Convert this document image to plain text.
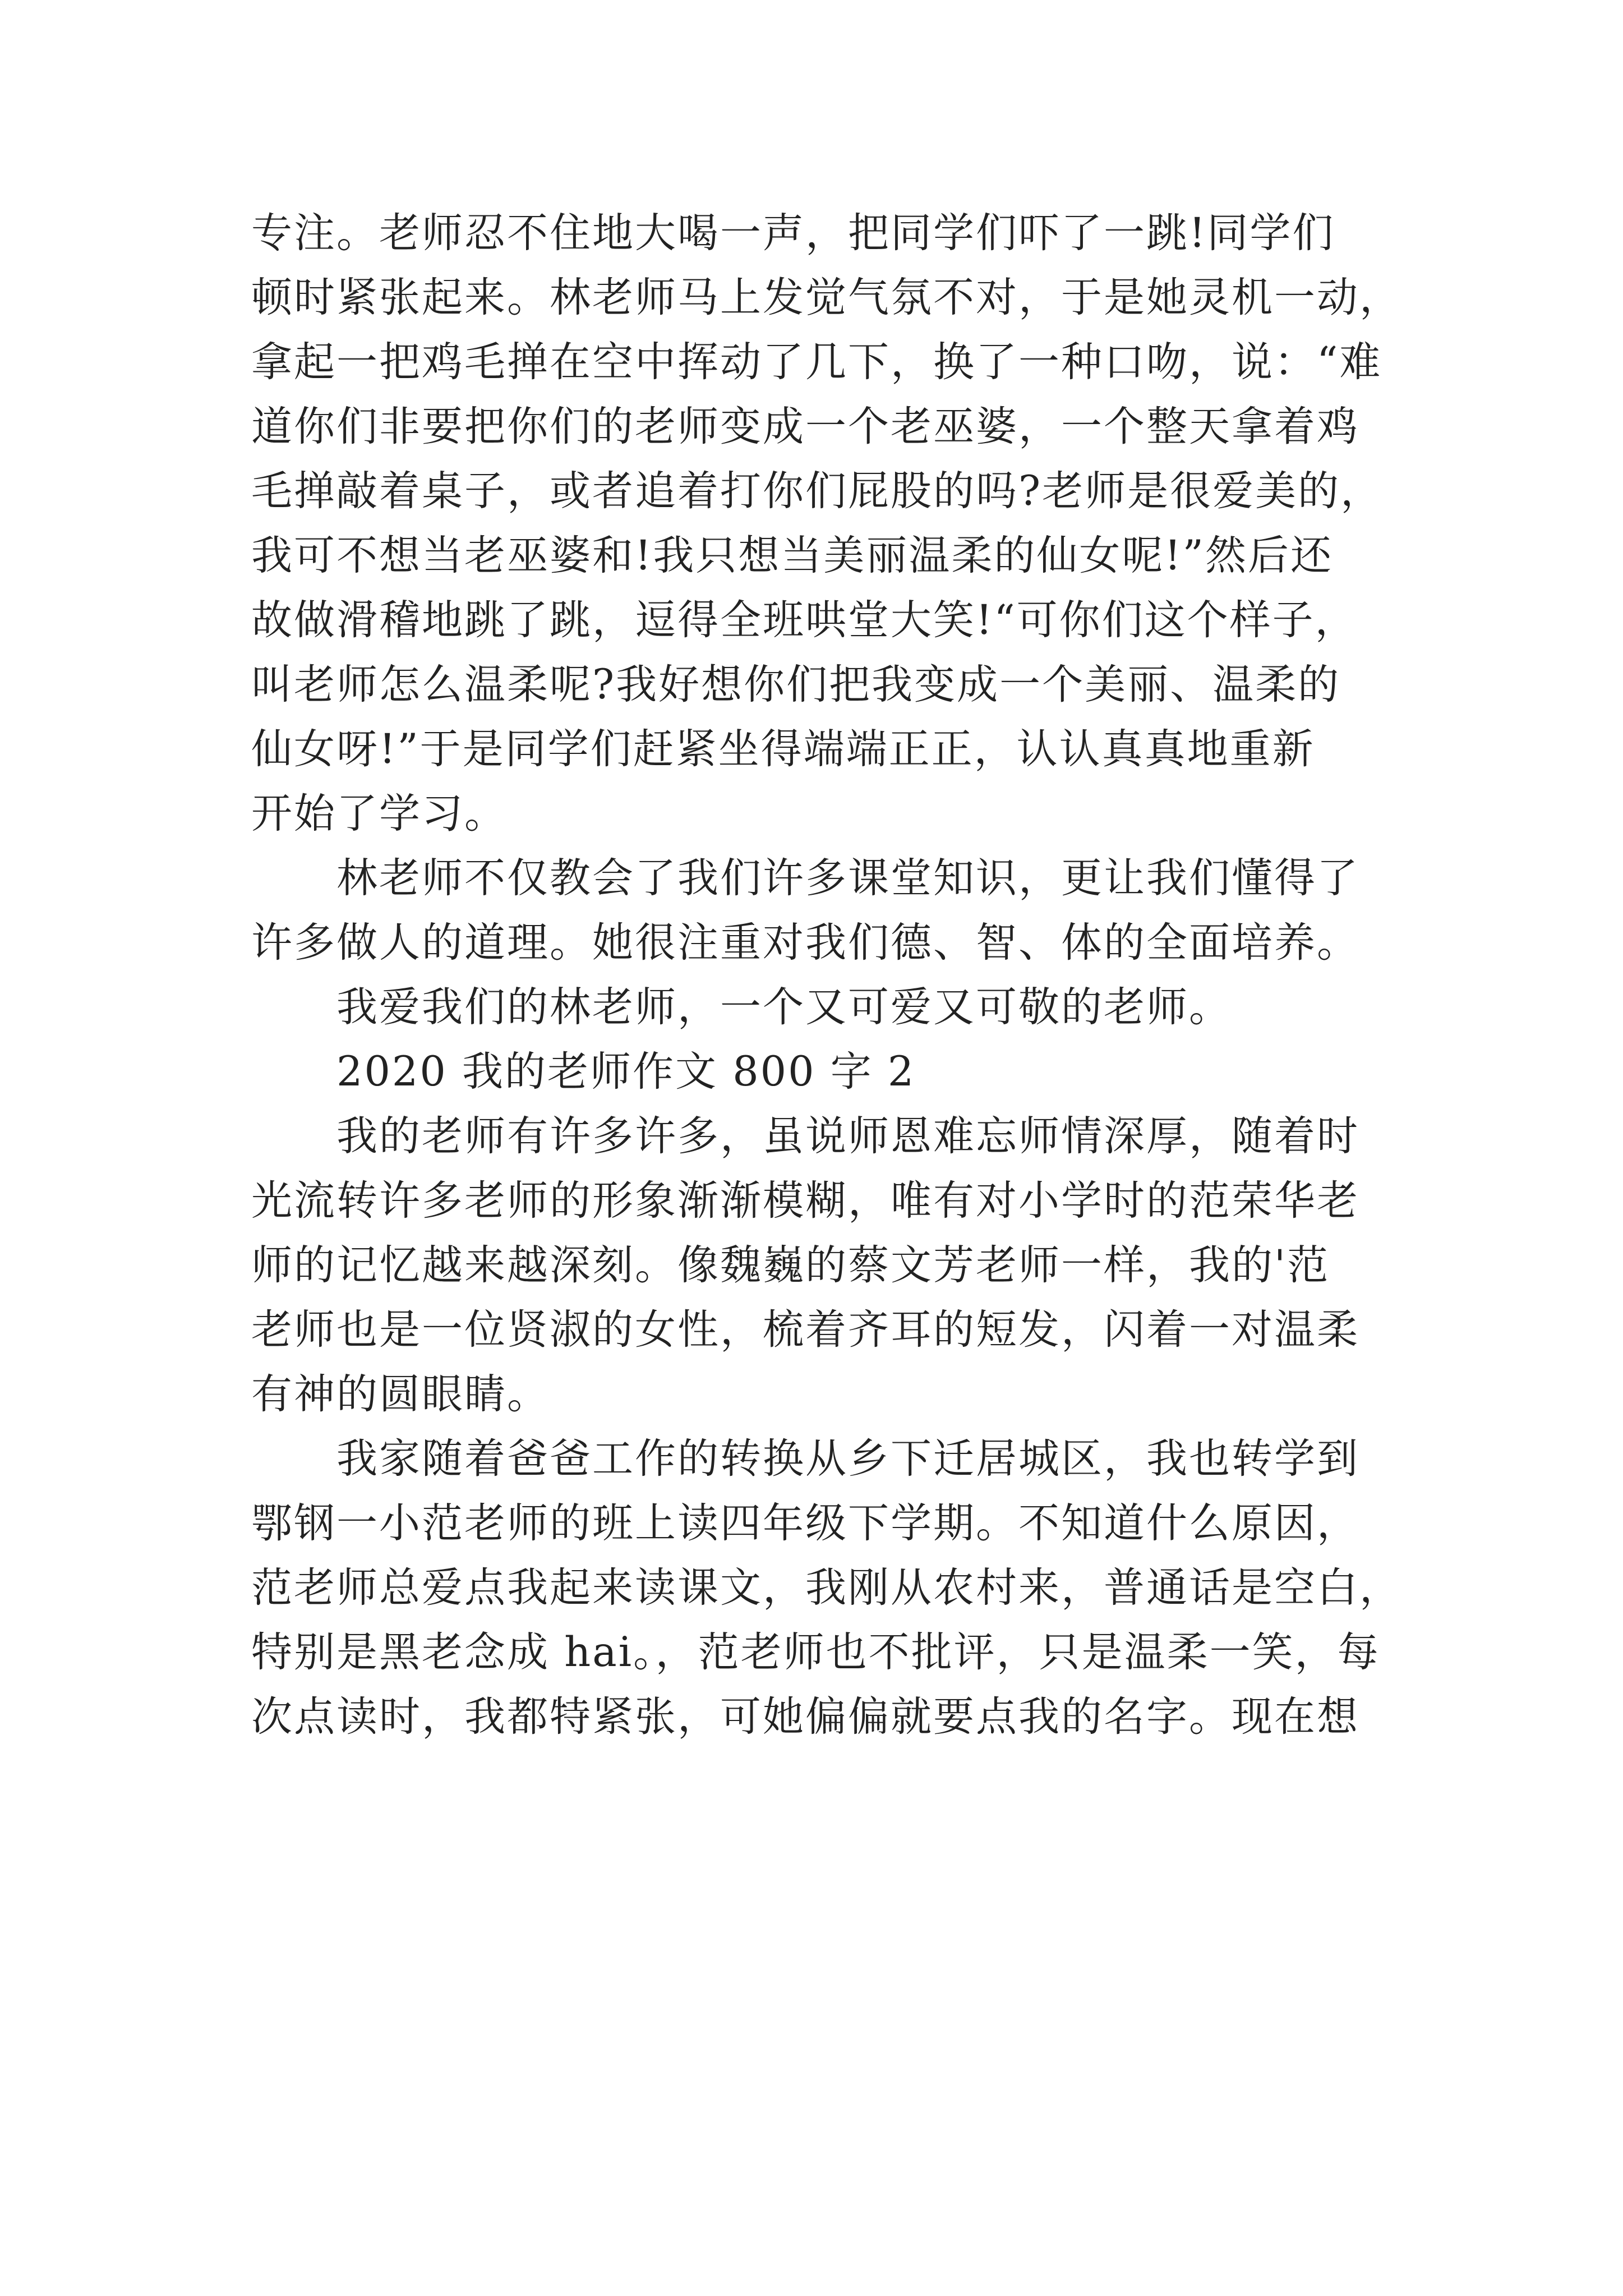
专注。老师忍不住地大喝一声，把同学们吓了一跳!同学们
顿时紧张起来。林老师马上发觉气氛不对，于是她灵机一动，
拿起一把鸡毛掸在空中挥动了几下，换了一种口吻，说：“难
道你们非要把你们的老师变成一个老巫婆，一个整天拿着鸡
毛掸敲着桌子，或者追着打你们屁股的吗?老师是很爱美的，
我可不想当老巫婆和!我只想当美丽温柔的仙女呢!”然后还
故做滑稽地跳了跳，逗得全班哄堂大笑!“可你们这个样子，
叫老师怎么温柔呢?我好想你们把我变成一个美丽、温柔的
仙女呀!”于是同学们赶紧坐得端端正正，认认真真地重新
开始了学习。
林老师不仅教会了我们许多课堂知识，更让我们懂得了
许多做人的道理。她很注重对我们德、智、体的全面培养。
我爱我们的林老师，一个又可爱又可敬的老师。
2020 我的老师作文 800 字 2
我的老师有许多许多，虽说师恩难忘师情深厚，随着时
光流转许多老师的形象渐渐模糊，唯有对小学时的范荣华老
师的记忆越来越深刻。像魏巍的蔡文芳老师一样，我的'范
老师也是一位贤淑的女性，梳着齐耳的短发，闪着一对温柔
有神的圆眼睛。
我家随着爸爸工作的转换从乡下迁居城区，我也转学到
鄂钢一小范老师的班上读四年级下学期。不知道什么原因，
范老师总爱点我起来读课文，我刚从农村来，普通话是空白，
特别是黑老念成 hai。，范老师也不批评，只是温柔一笑，每
次点读时，我都特紧张，可她偏偏就要点我的名字。现在想
